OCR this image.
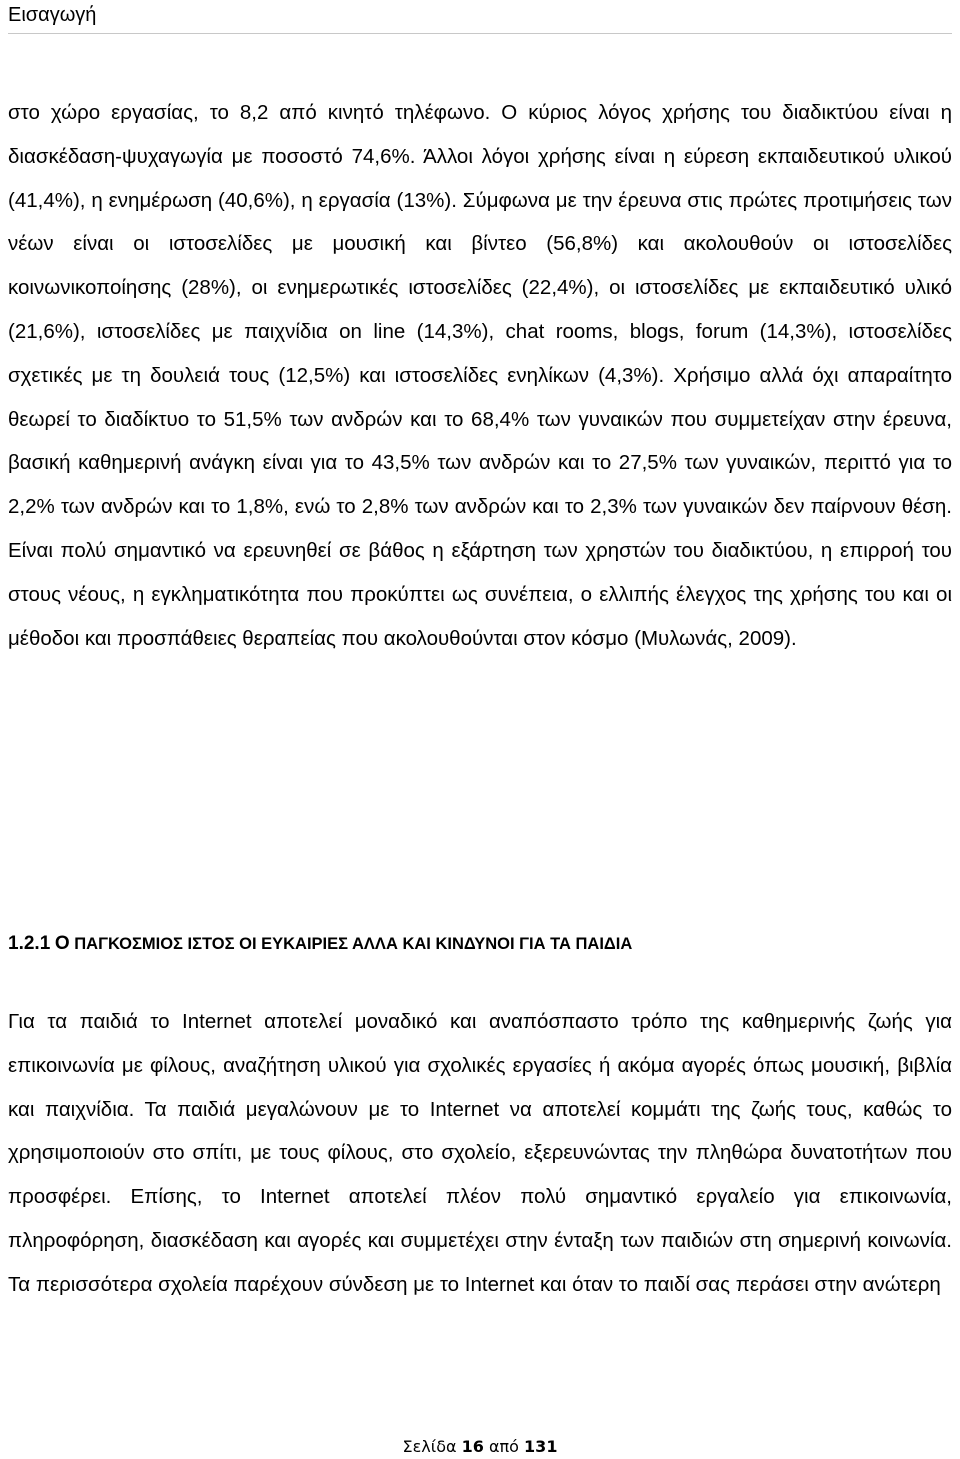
Εισαγωγή

στο χώρο εργασίας, το 8,2 από κινητό τηλέφωνο. Ο κύριος λόγος χρήσης του διαδικτύου είναι η διασκέδαση-ψυχαγωγία με ποσοστό 74,6%. Άλλοι λόγοι χρήσης είναι η εύρεση εκπαιδευτικού υλικού (41,4%), η ενημέρωση (40,6%), η εργασία (13%). Σύμφωνα με την έρευνα στις πρώτες προτιμήσεις των νέων είναι οι ιστοσελίδες με μουσική και βίντεο (56,8%) και ακολουθούν οι ιστοσελίδες κοινωνικοποίησης (28%), οι ενημερωτικές ιστοσελίδες (22,4%), οι ιστοσελίδες με εκπαιδευτικό υλικό (21,6%), ιστοσελίδες με παιχνίδια on line (14,3%), chat rooms, blogs, forum (14,3%), ιστοσελίδες σχετικές με τη δουλειά τους (12,5%) και ιστοσελίδες ενηλίκων (4,3%). Χρήσιμο αλλά όχι απαραίτητο θεωρεί το διαδίκτυο το 51,5% των ανδρών και το 68,4% των γυναικών που συμμετείχαν στην έρευνα, βασική καθημερινή ανάγκη είναι για το 43,5% των ανδρών και το 27,5% των γυναικών, περιττό για το 2,2% των ανδρών και το 1,8%, ενώ το 2,8% των ανδρών και το 2,3% των γυναικών δεν παίρνουν θέση. Είναι πολύ σημαντικό να ερευνηθεί σε βάθος η εξάρτηση των χρηστών του διαδικτύου, η επιρροή του στους νέους, η εγκληματικότητα που προκύπτει ως συνέπεια, ο ελλιπής έλεγχος της χρήσης του και οι μέθοδοι και προσπάθειες θεραπείας που ακολουθούνται στον κόσμο (Μυλωνάς, 2009).

1.2.1 Ο ΠΑΓΚΟΣΜΙΟΣ ΙΣΤΟΣ ΟΙ ΕΥΚΑΙΡΙΕΣ ΑΛΛΑ ΚΑΙ ΚΙΝΔΥΝΟΙ ΓΙΑ ΤΑ ΠΑΙΔΙΑ

Για τα παιδιά το Internet αποτελεί μοναδικό και αναπόσπαστο τρόπο της καθημερινής ζωής για επικοινωνία με φίλους, αναζήτηση υλικού για σχολικές εργασίες ή ακόμα αγορές όπως μουσική, βιβλία και παιχνίδια. Τα παιδιά μεγαλώνουν με το Internet να αποτελεί κομμάτι της ζωής τους, καθώς το χρησιμοποιούν στο σπίτι, με τους φίλους, στο σχολείο, εξερευνώντας την πληθώρα δυνατοτήτων που προσφέρει. Επίσης, το Internet αποτελεί πλέον πολύ σημαντικό εργαλείο για επικοινωνία, πληροφόρηση, διασκέδαση και αγορές και συμμετέχει στην ένταξη των παιδιών στη σημερινή κοινωνία. Τα περισσότερα σχολεία παρέχουν σύνδεση με το Internet και όταν το παιδί σας περάσει στην ανώτερη

Σελίδα 16 από 131
